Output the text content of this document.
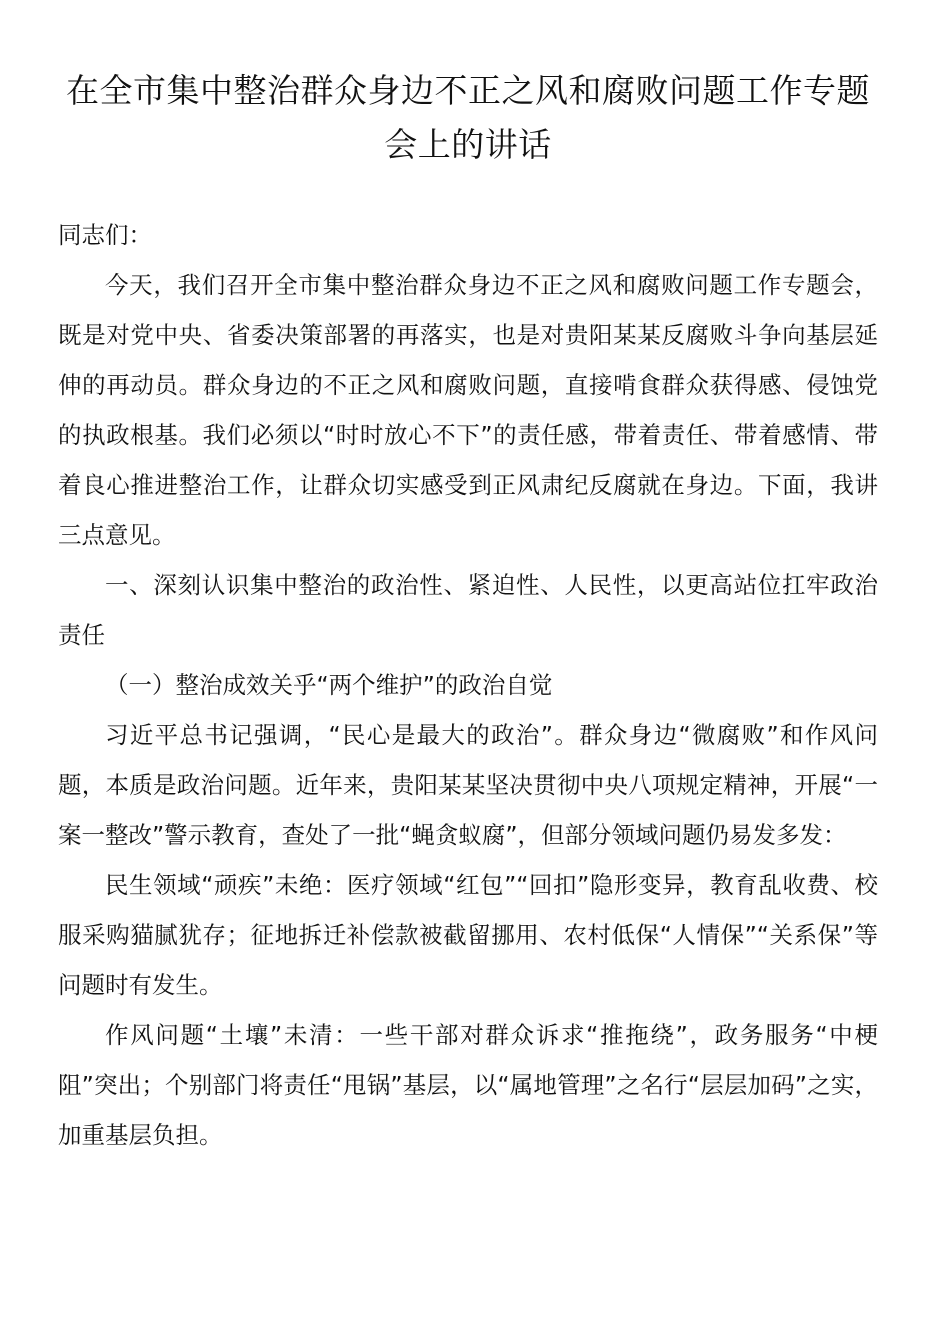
在全市集中整治群众身边不正之风和腐败问题工作专题会上的讲话

同志们：

今天，我们召开全市集中整治群众身边不正之风和腐败问题工作专题会，既是对党中央、省委决策部署的再落实，也是对贵阳某某反腐败斗争向基层延伸的再动员。群众身边的不正之风和腐败问题，直接啃食群众获得感、侵蚀党的执政根基。我们必须以“时时放心不下”的责任感，带着责任、带着感情、带着良心推进整治工作，让群众切实感受到正风肃纪反腐就在身边。下面，我讲三点意见。

一、深刻认识集中整治的政治性、紧迫性、人民性，以更高站位扛牢政治责任

（一）整治成效关乎“两个维护”的政治自觉

习近平总书记强调，“民心是最大的政治”。群众身边“微腐败”和作风问题，本质是政治问题。近年来，贵阳某某坚决贯彻中央八项规定精神，开展“一案一整改”警示教育，查处了一批“蝇贪蚁腐”，但部分领域问题仍易发多发：

民生领域“顽疾”未绝：医疗领域“红包”“回扣”隐形变异，教育乱收费、校服采购猫腻犹存；征地拆迁补偿款被截留挪用、农村低保“人情保”“关系保”等问题时有发生。

作风问题“土壤”未清：一些干部对群众诉求“推拖绕”，政务服务“中梗阻”突出；个别部门将责任“甩锅”基层，以“属地管理”之名行“层层加码”之实，加重基层负担。
